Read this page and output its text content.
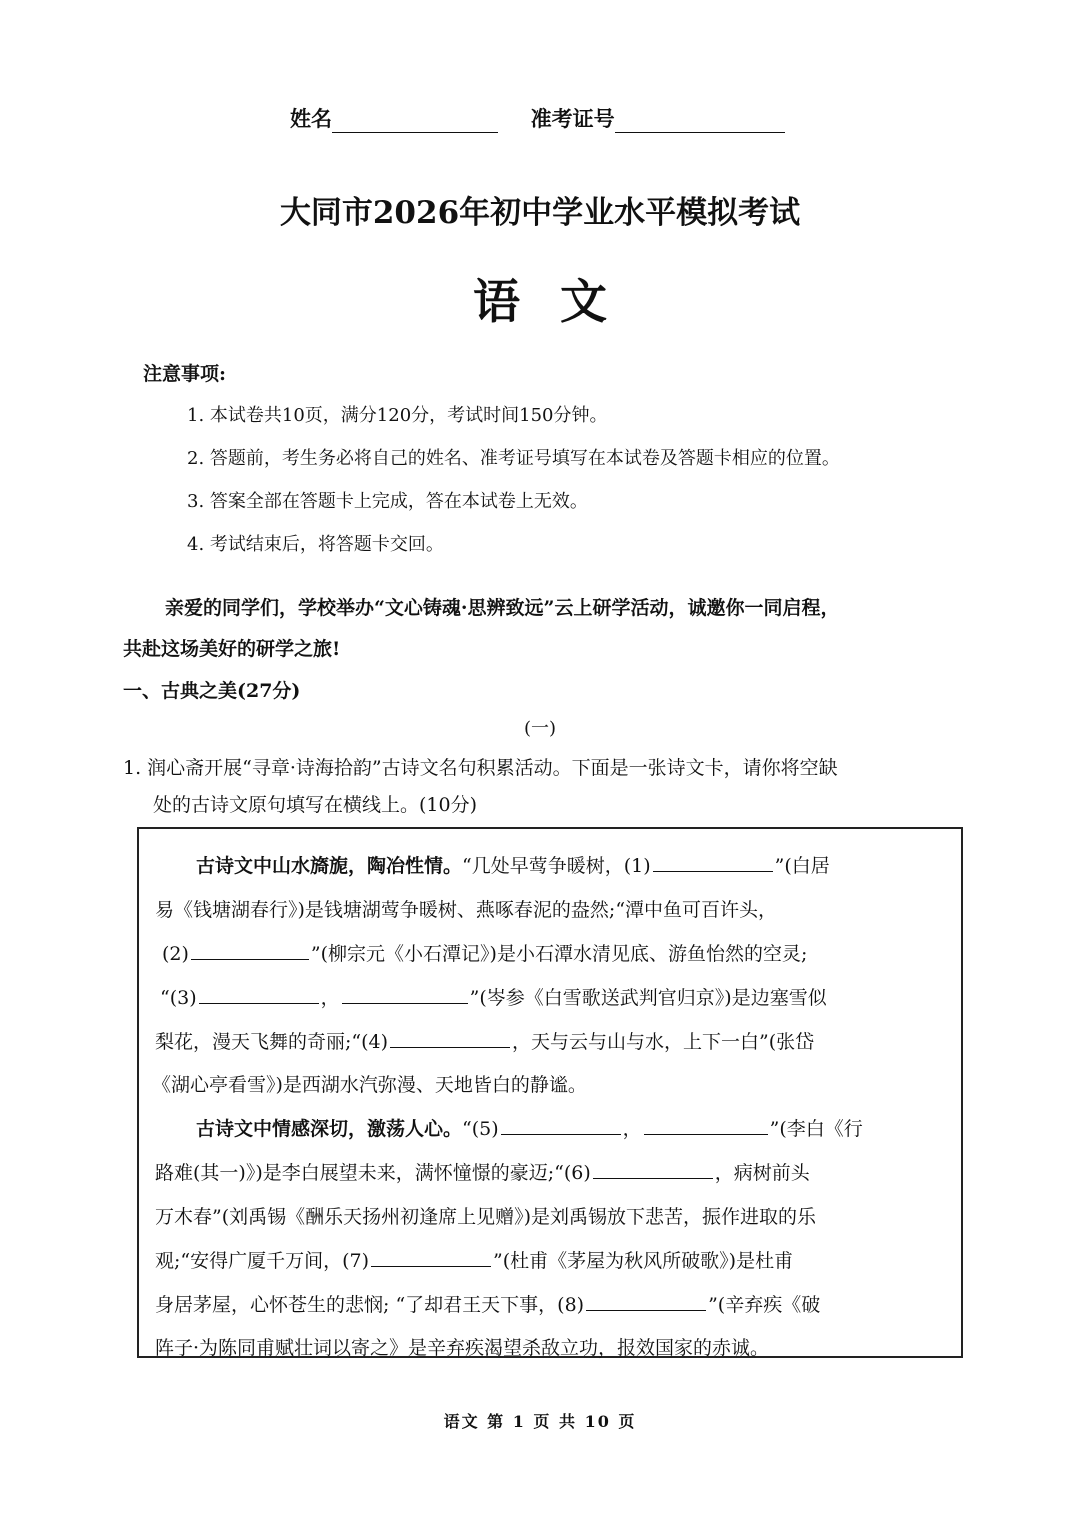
姓名	准考证号
大同市2026年初中学业水平模拟考试
语文
注意事项:
1. 本试卷共10页，满分120分，考试时间150分钟。
2. 答题前，考生务必将自己的姓名、准考证号填写在本试卷及答题卡相应的位置。
3. 答案全部在答题卡上完成，答在本试卷上无效。
4. 考试结束后，将答题卡交回。
亲爱的同学们，学校举办“文心铸魂·思辨致远”云上研学活动，诚邀你一同启程，
共赴这场美好的研学之旅!
一、古典之美(27分)
(一)
1. 润心斋开展“寻章·诗海拾韵”古诗文名句积累活动。下面是一张诗文卡，请你将空缺
处的古诗文原句填写在横线上。(10分)
古诗文中山水旖旎，陶冶性情。“几处早莺争暖树，(1)	”(白居
易《钱塘湖春行》)是钱塘湖莺争暖树、燕啄春泥的盎然;“潭中鱼可百许头，
(2)	”(柳宗元《小石潭记》)是小石潭水清见底、游鱼怡然的空灵;
“(3)	，	”(岑参《白雪歌送武判官归京》)是边塞雪似
梨花，漫天飞舞的奇丽;“(4)	，天与云与山与水，上下一白”(张岱
《湖心亭看雪》)是西湖水汽弥漫、天地皆白的静谧。
古诗文中情感深切，激荡人心。“(5)	，	”(李白《行
路难(其一)》)是李白展望未来，满怀憧憬的豪迈;“(6)	，病树前头
万木春”(刘禹锡《酬乐天扬州初逢席上见赠》)是刘禹锡放下悲苦，振作进取的乐
观;“安得广厦千万间，(7)	”(杜甫《茅屋为秋风所破歌》)是杜甫
身居茅屋，心怀苍生的悲悯; “了却君王天下事，(8)	”(辛弃疾《破
阵子·为陈同甫赋壮词以寄之》是辛弃疾渴望杀敌立功，报效国家的赤诚。
语文 第 1 页 共 10 页
